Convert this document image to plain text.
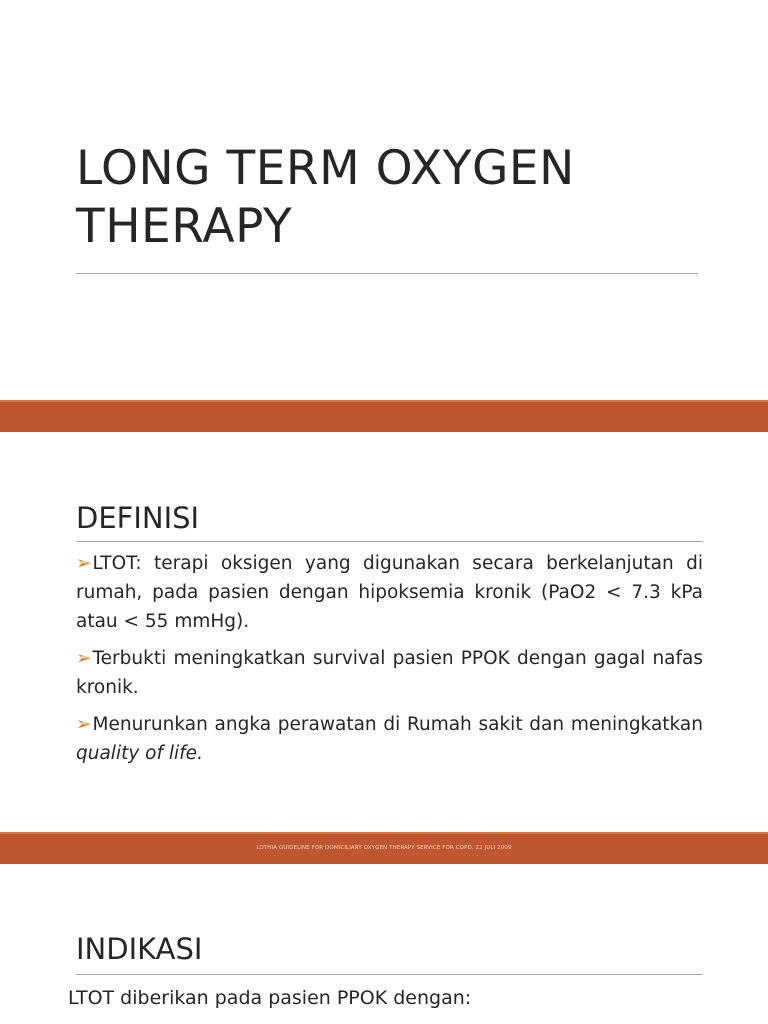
LONG TERM OXYGEN
THERAPY
DEFINISI
➢LTOT: terapi oksigen yang digunakan secara berkelanjutan di rumah, pada pasien dengan hipoksemia kronik (PaO2 < 7.3 kPa atau < 55 mmHg).
➢Terbukti meningkatkan survival pasien PPOK dengan gagal nafas kronik.
➢Menurunkan angka perawatan di Rumah sakit dan meningkatkan quality of life.
LOTHIA GUIDELINE FOR DOMICILIARY OXYGEN THERAPY SERVICE FOR COPD, 22 JULI 2009
INDIKASI

LTOT diberikan pada pasien PPOK dengan:
